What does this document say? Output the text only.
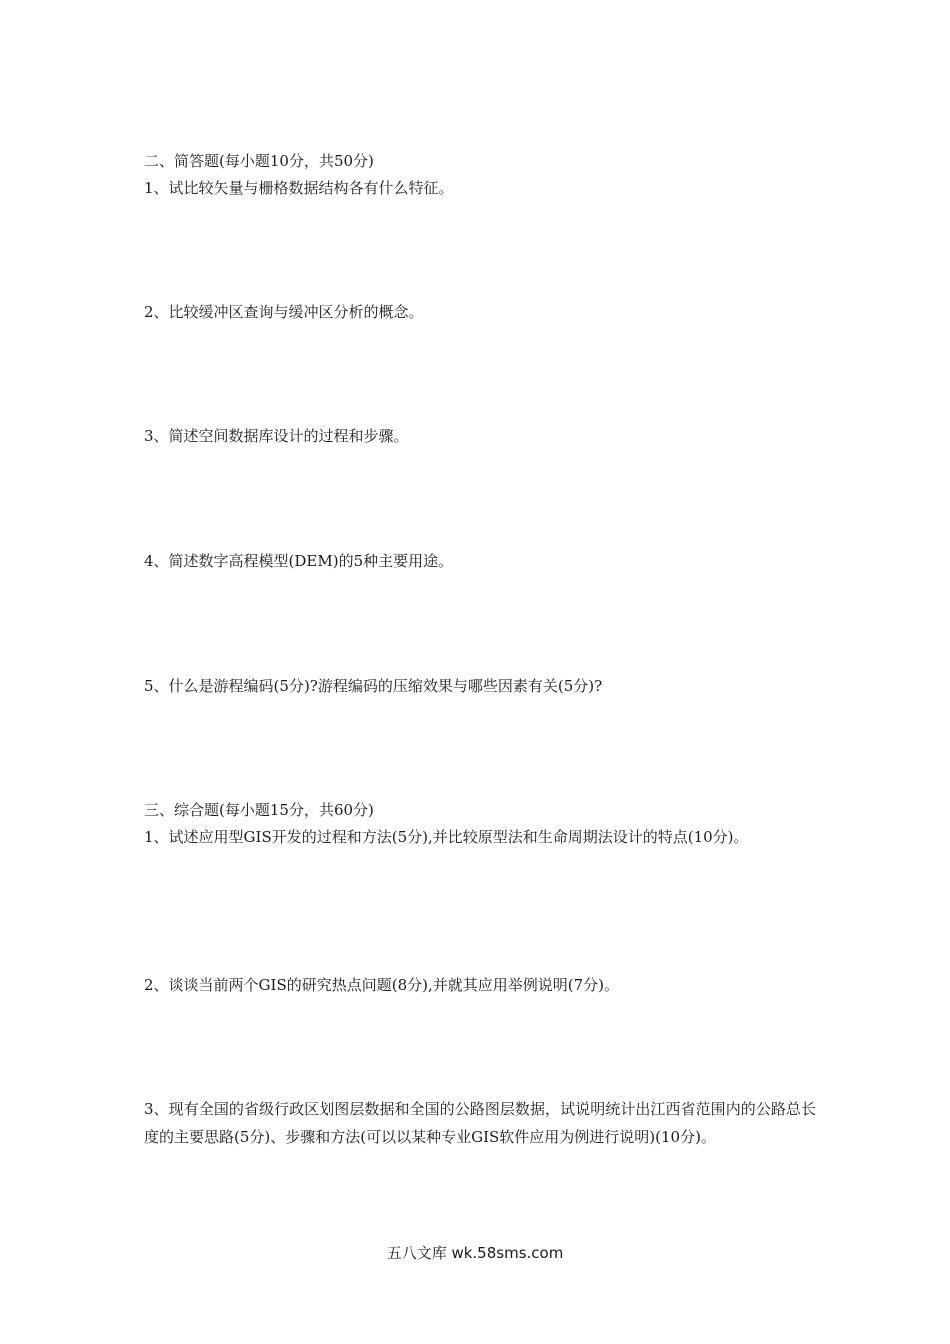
二、简答题(每小题10分，共50分)
1、试比较矢量与栅格数据结构各有什么特征。
2、比较缓冲区查询与缓冲区分析的概念。
3、简述空间数据库设计的过程和步骤。
4、简述数字高程模型(DEM)的5种主要用途。
5、什么是游程编码(5分)?游程编码的压缩效果与哪些因素有关(5分)?
三、综合题(每小题15分，共60分)
1、试述应用型GIS开发的过程和方法(5分),并比较原型法和生命周期法设计的特点(10分)。
2、谈谈当前两个GIS的研究热点问题(8分),并就其应用举例说明(7分)。
3、现有全国的省级行政区划图层数据和全国的公路图层数据，试说明统计出江西省范围内的公路总长度的主要思路(5分)、步骤和方法(可以以某种专业GIS软件应用为例进行说明)(10分)。
五八文库 wk.58sms.com
